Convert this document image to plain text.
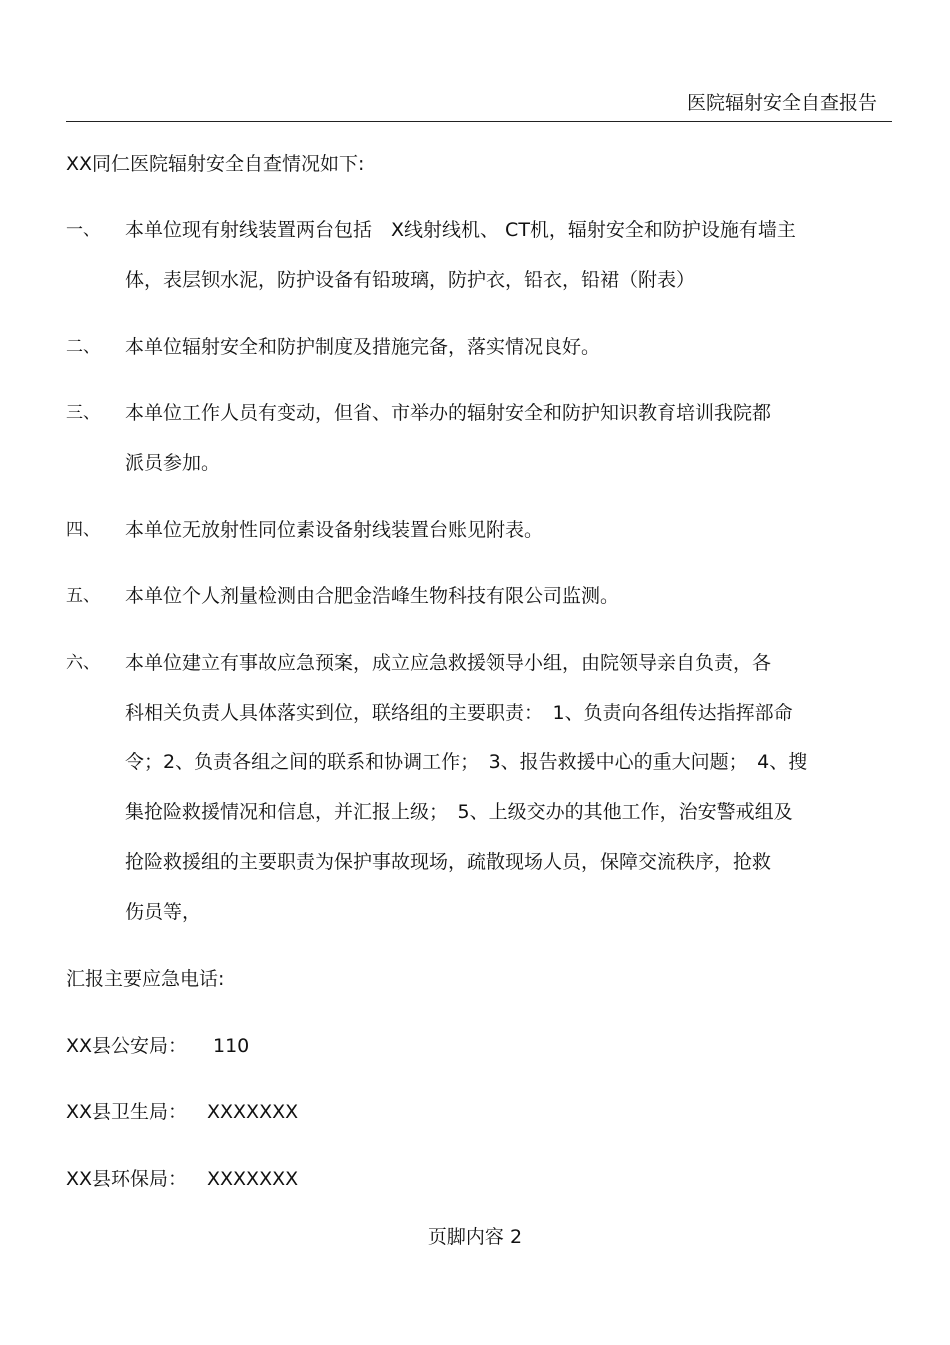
医院辐射安全自查报告
XX同仁医院辐射安全自查情况如下:
一、 本单位现有射线装置两台包括　X线射线机、 CT机，辐射安全和防护设施有墙主
体，表层钡水泥，防护设备有铅玻璃，防护衣，铅衣，铅裙（附表）
二、 本单位辐射安全和防护制度及措施完备，落实情况良好。
三、 本单位工作人员有变动，但省、市举办的辐射安全和防护知识教育培训我院都
派员参加。
四、 本单位无放射性同位素设备射线装置台账见附表。
五、 本单位个人剂量检测由合肥金浩峰生物科技有限公司监测。
六、 本单位建立有事故应急预案，成立应急救援领导小组，由院领导亲自负责，各
科相关负责人具体落实到位，联络组的主要职责：　1、负责向各组传达指挥部命
令；2、负责各组之间的联系和协调工作；　3、报告救援中心的重大问题；　4、搜
集抢险救援情况和信息，并汇报上级；　5、上级交办的其他工作，治安警戒组及
抢险救援组的主要职责为保护事故现场，疏散现场人员，保障交流秩序，抢救
伤员等，
汇报主要应急电话:
XX县公安局： 110
XX县卫生局： XXXXXXX
XX县环保局： XXXXXXX
页脚内容 2
